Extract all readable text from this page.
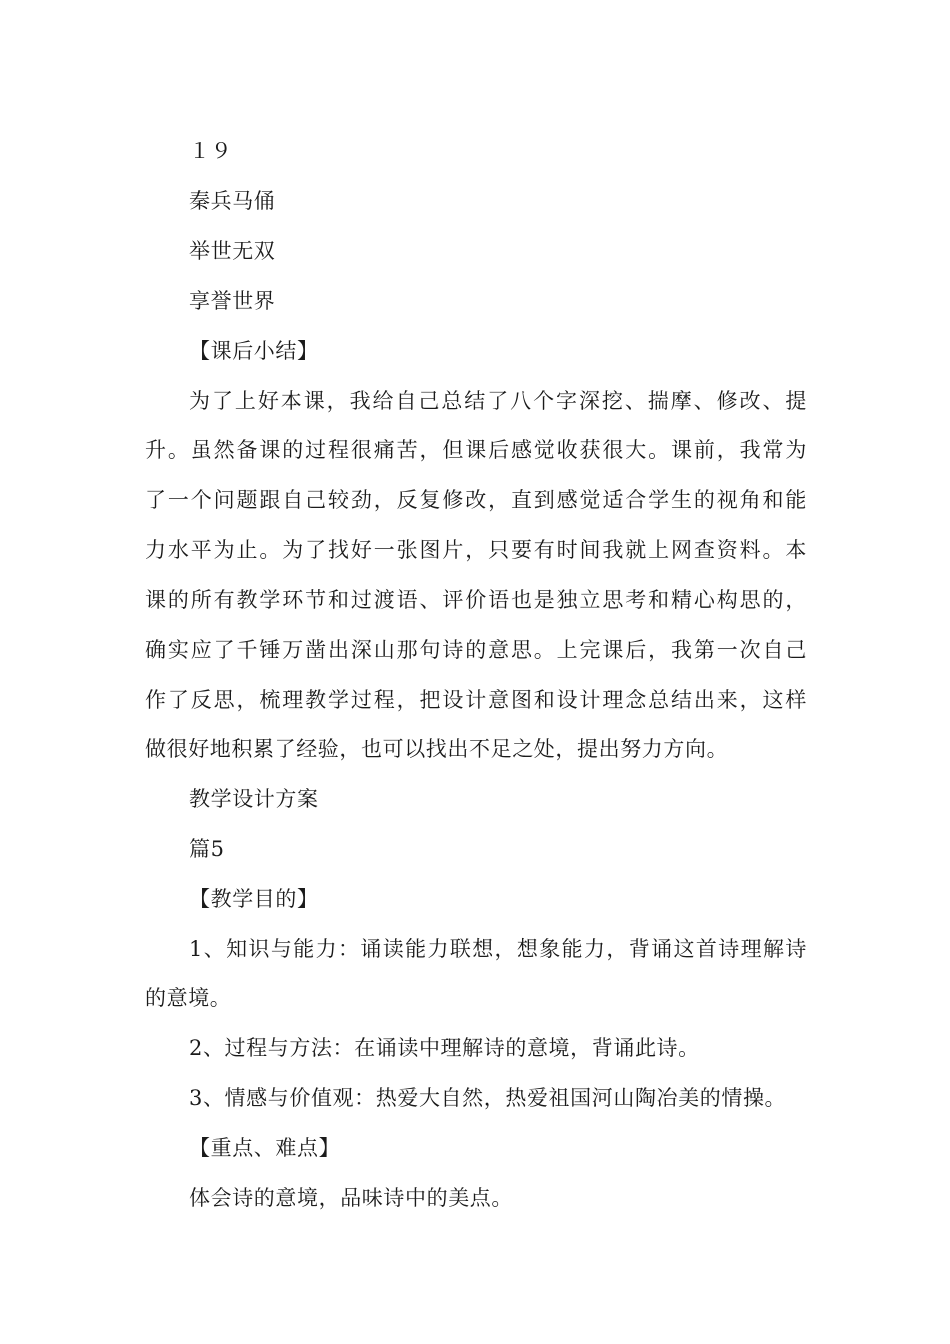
１９
秦兵马俑
举世无双
享誉世界
【课后小结】
为了上好本课，我给自己总结了八个字深挖、揣摩、修改、提
升。虽然备课的过程很痛苦，但课后感觉收获很大。课前，我常为
了一个问题跟自己较劲，反复修改，直到感觉适合学生的视角和能
力水平为止。为了找好一张图片，只要有时间我就上网查资料。本
课的所有教学环节和过渡语、评价语也是独立思考和精心构思的，
确实应了千锤万凿出深山那句诗的意思。上完课后，我第一次自己
作了反思，梳理教学过程，把设计意图和设计理念总结出来，这样
做很好地积累了经验，也可以找出不足之处，提出努力方向。
教学设计方案
篇5
【教学目的】
1、知识与能力：诵读能力联想，想象能力，背诵这首诗理解诗
的意境。
2、过程与方法：在诵读中理解诗的意境，背诵此诗。
3、情感与价值观：热爱大自然，热爱祖国河山陶冶美的情操。
【重点、难点】
体会诗的意境，品味诗中的美点。
